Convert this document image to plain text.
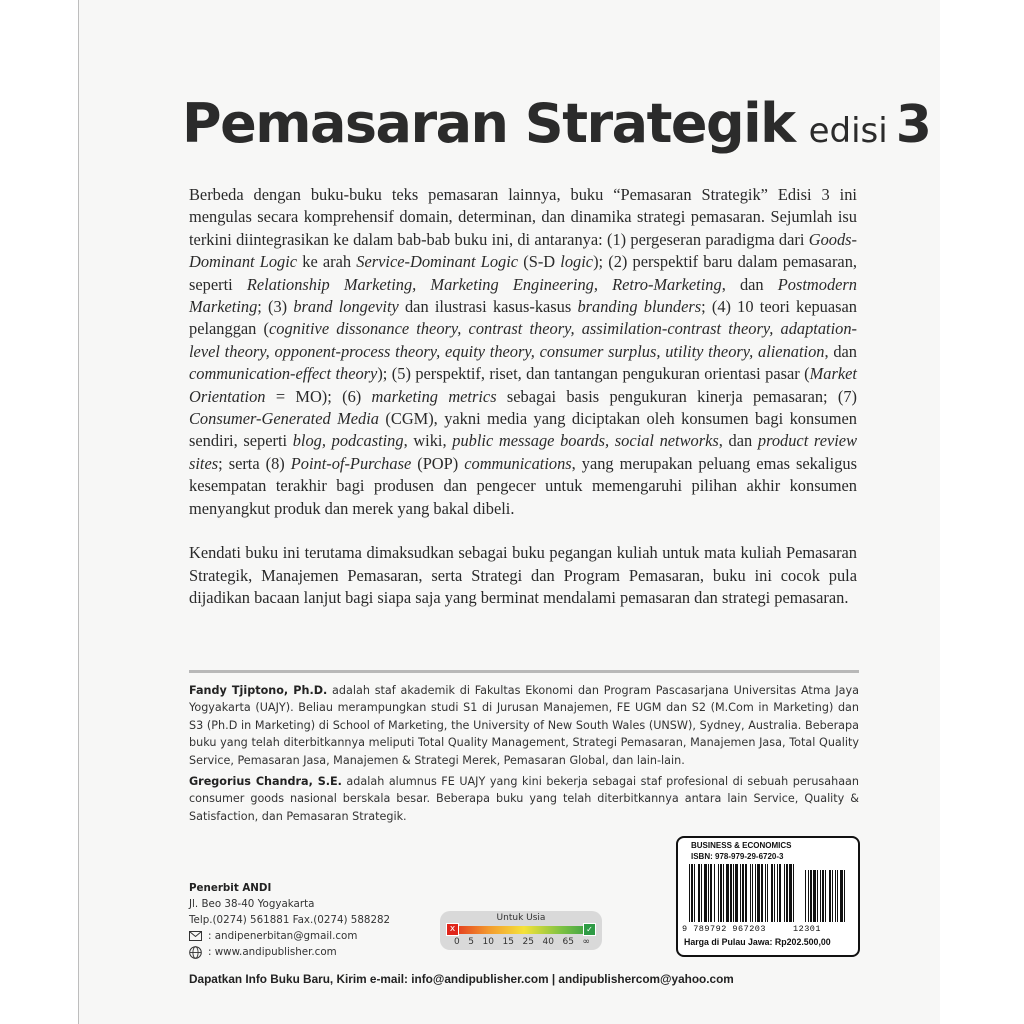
Pemasaran Strategik edisi 3

Berbeda dengan buku-buku teks pemasaran lainnya, buku “Pemasaran Strategik” Edisi 3 ini mengulas secara komprehensif domain, determinan, dan dinamika strategi pemasaran. Sejumlah isu terkini diintegrasikan ke dalam bab-bab buku ini, di antaranya: (1) pergeseran paradigma dari Goods-Dominant Logic ke arah Service-Dominant Logic (S-D logic); (2) perspektif baru dalam pemasaran, seperti Relationship Marketing, Marketing Engineering, Retro-Marketing, dan Postmodern Marketing; (3) brand longevity dan ilustrasi kasus-kasus branding blunders; (4) 10 teori kepuasan pelanggan (cognitive dissonance theory, contrast theory, assimilation-contrast theory, adaptation-level theory, opponent-process theory, equity theory, consumer surplus, utility theory, alienation, dan communication-effect theory); (5) perspektif, riset, dan tantangan pengukuran orientasi pasar (Market Orientation = MO); (6) marketing metrics sebagai basis pengukuran kinerja pemasaran; (7) Consumer-Generated Media (CGM), yakni media yang diciptakan oleh konsumen bagi konsumen sendiri, seperti blog, podcasting, wiki, public message boards, social networks, dan product review sites; serta (8) Point-of-Purchase (POP) communications, yang merupakan peluang emas sekaligus kesempatan terakhir bagi produsen dan pengecer untuk memengaruhi pilihan akhir konsumen menyangkut produk dan merek yang bakal dibeli.

Kendati buku ini terutama dimaksudkan sebagai buku pegangan kuliah untuk mata kuliah Pemasaran Strategik, Manajemen Pemasaran, serta Strategi dan Program Pemasaran, buku ini cocok pula dijadikan bacaan lanjut bagi siapa saja yang berminat mendalami pemasaran dan strategi pemasaran.

Fandy Tjiptono, Ph.D. adalah staf akademik di Fakultas Ekonomi dan Program Pascasarjana Universitas Atma Jaya Yogyakarta (UAJY). Beliau merampungkan studi S1 di Jurusan Manajemen, FE UGM dan S2 (M.Com in Marketing) dan S3 (Ph.D in Marketing) di School of Marketing, the University of New South Wales (UNSW), Sydney, Australia. Beberapa buku yang telah diterbitkannya meliputi Total Quality Management, Strategi Pemasaran, Manajemen Jasa, Total Quality Service, Pemasaran Jasa, Manajemen & Strategi Merek, Pemasaran Global, dan lain-lain.
Gregorius Chandra, S.E. adalah alumnus FE UAJY yang kini bekerja sebagai staf profesional di sebuah perusahaan consumer goods nasional berskala besar. Beberapa buku yang telah diterbitkannya antara lain Service, Quality & Satisfaction, dan Pemasaran Strategik.
Penerbit ANDI
Jl. Beo 38-40 Yogyakarta
Telp.(0274) 561881 Fax.(0274) 588282
: andipenerbitan@gmail.com
: www.andipublisher.com
Untuk Usia
x	✓
0 5 10 15 25 40 65 ∞
BUSINESS & ECONOMICS
ISBN: 978-979-29-6720-3
9 789792 967203	12301
Harga di Pulau Jawa: Rp202.500,00
Dapatkan Info Buku Baru, Kirim e-mail: info@andipublisher.com | andipublishercom@yahoo.com
